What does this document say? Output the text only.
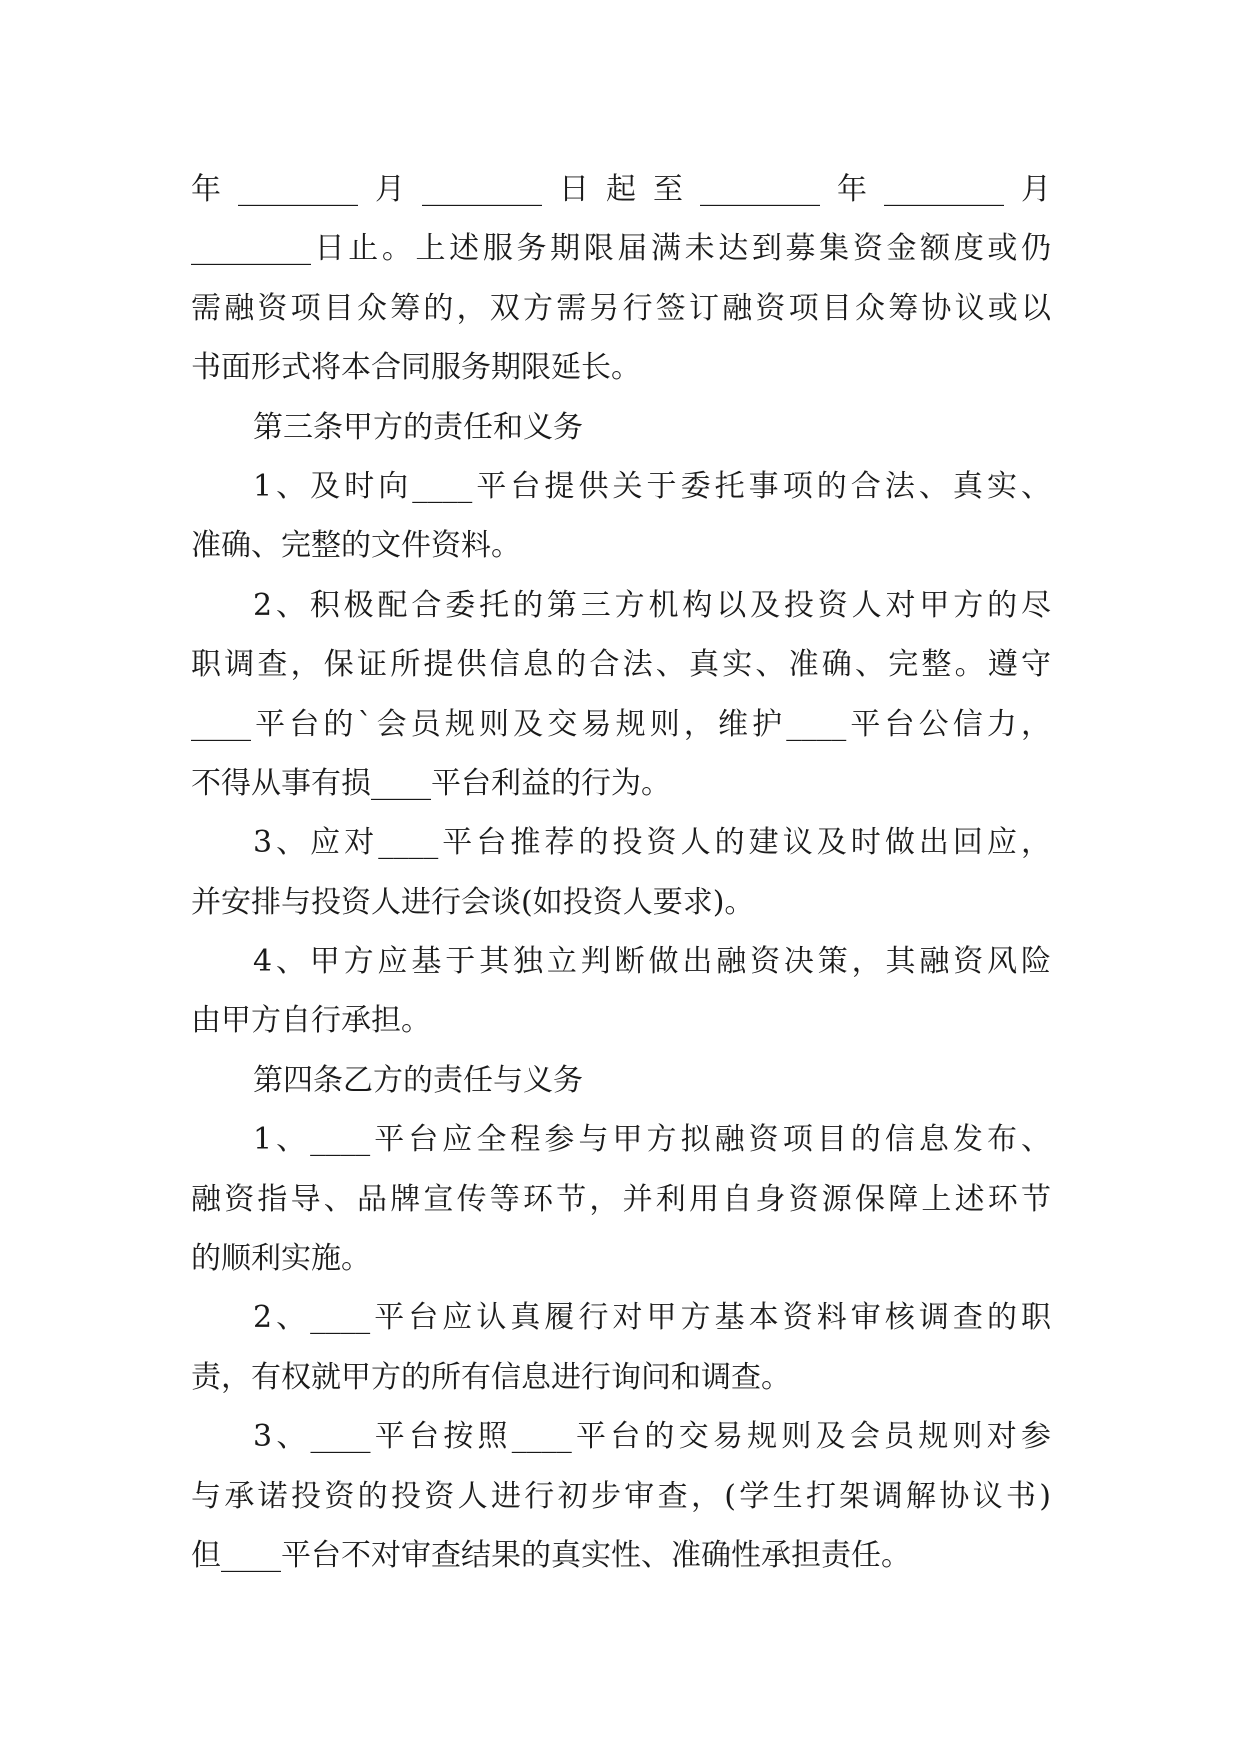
年________月________日起至________年________月
________日止。上述服务期限届满未达到募集资金额度或仍
需融资项目众筹的，双方需另行签订融资项目众筹协议或以
书面形式将本合同服务期限延长。
第三条甲方的责任和义务
1、及时向____平台提供关于委托事项的合法、真实、
准确、完整的文件资料。
2、积极配合委托的第三方机构以及投资人对甲方的尽
职调查，保证所提供信息的合法、真实、准确、完整。遵守
____平台的`会员规则及交易规则，维护____平台公信力，
不得从事有损____平台利益的行为。
3、应对____平台推荐的投资人的建议及时做出回应，
并安排与投资人进行会谈(如投资人要求)。
4、甲方应基于其独立判断做出融资决策，其融资风险
由甲方自行承担。
第四条乙方的责任与义务
1、____平台应全程参与甲方拟融资项目的信息发布、
融资指导、品牌宣传等环节，并利用自身资源保障上述环节
的顺利实施。
2、____平台应认真履行对甲方基本资料审核调查的职
责，有权就甲方的所有信息进行询问和调查。
3、____平台按照____平台的交易规则及会员规则对参
与承诺投资的投资人进行初步审查，(学生打架调解协议书)
但____平台不对审查结果的真实性、准确性承担责任。
